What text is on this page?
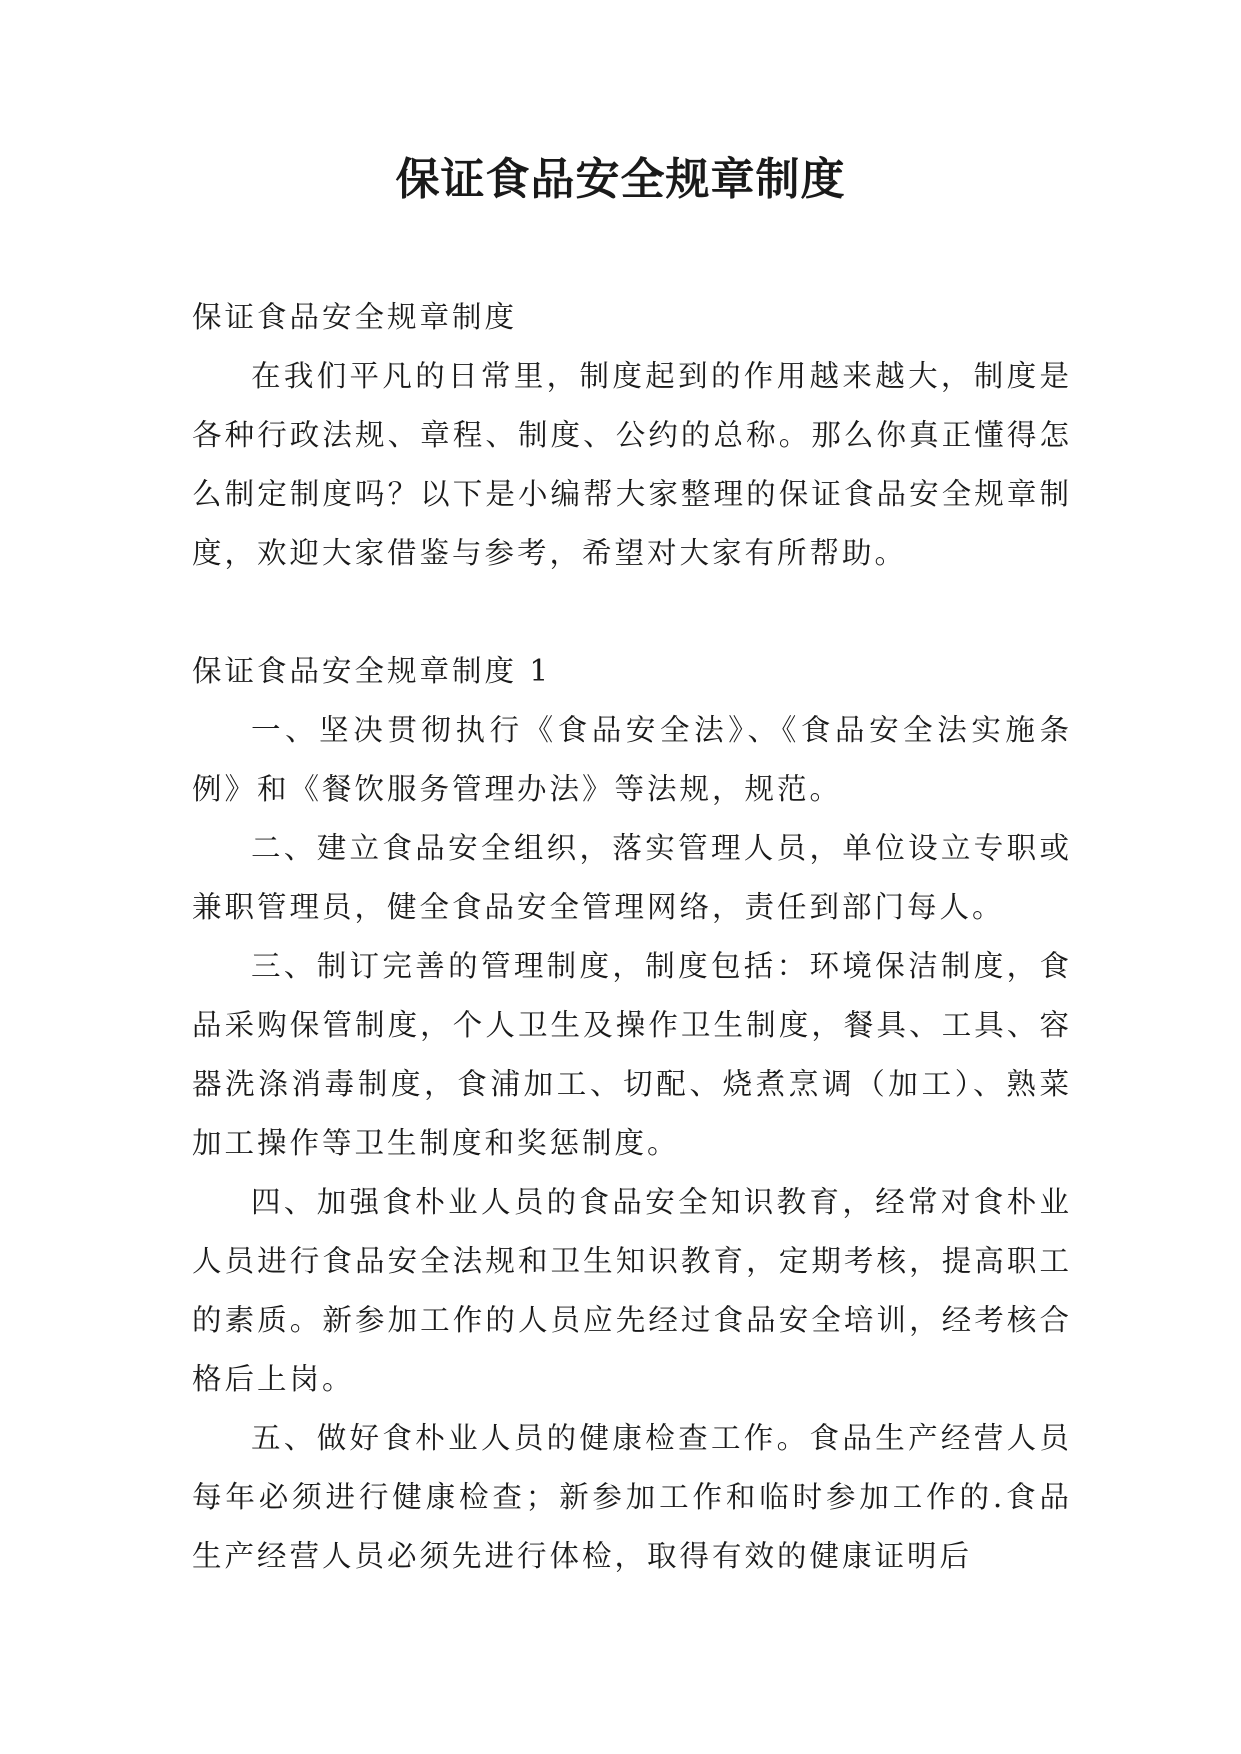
保证食品安全规章制度

保证食品安全规章制度

在我们平凡的日常里，制度起到的作用越来越大，制度是各种行政法规、章程、制度、公约的总称。那么你真正懂得怎么制定制度吗？以下是小编帮大家整理的保证食品安全规章制度，欢迎大家借鉴与参考，希望对大家有所帮助。

保证食品安全规章制度 1

一、坚决贯彻执行《食品安全法》、《食品安全法实施条例》和《餐饮服务管理办法》等法规，规范。

二、建立食品安全组织，落实管理人员，单位设立专职或兼职管理员，健全食品安全管理网络，责任到部门每人。

三、制订完善的管理制度，制度包括：环境保洁制度，食品采购保管制度，个人卫生及操作卫生制度，餐具、工具、容器洗涤消毒制度，食浦加工、切配、烧煮烹调（加工）、熟菜加工操作等卫生制度和奖惩制度。

四、加强食朴业人员的食品安全知识教育，经常对食朴业人员进行食品安全法规和卫生知识教育，定期考核，提高职工的素质。新参加工作的人员应先经过食品安全培训，经考核合格后上岗。

五、做好食朴业人员的健康检查工作。食品生产经营人员每年必须进行健康检查；新参加工作和临时参加工作的.食品生产经营人员必须先进行体检，取得有效的健康证明后
